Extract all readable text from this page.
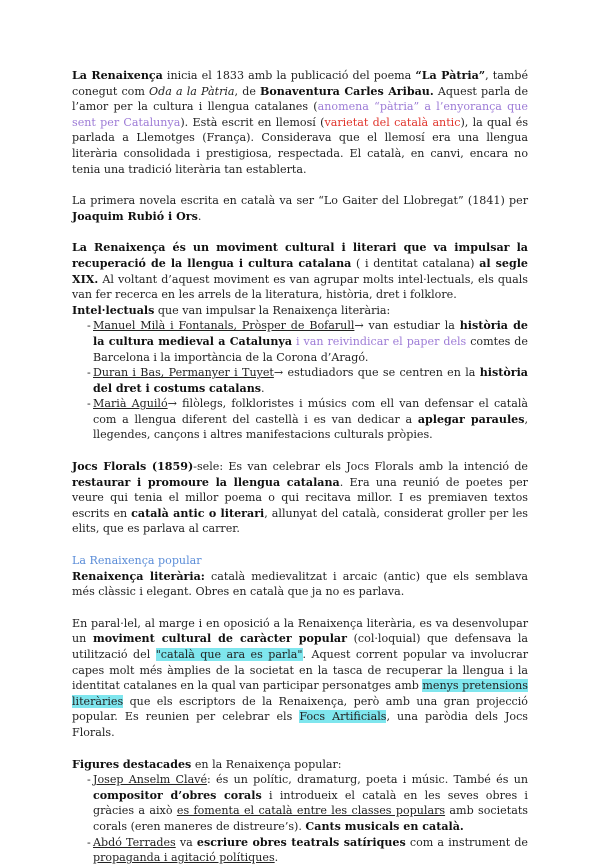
La Renaixença inicia el 1833 amb la publicació del poema “La Pàtria”, també conegut com Oda a la Pàtria, de Bonaventura Carles Aribau. Aquest parla de l’amor per la cultura i llengua catalanes (anomena “pàtria” a l’enyorança que sent per Catalunya). Està escrit en llemosí (varietat del català antic), la qual és parlada a Llemotges (França). Considerava que el llemosí era una llengua literària consolidada i prestigiosa, respectada. El català, en canvi, encara no tenia una tradició literària tan establerta.

La primera novela escrita en català va ser “Lo Gaiter del Llobregat” (1841) per Joaquim Rubió i Ors.

La Renaixença és un moviment cultural i literari que va impulsar la recuperació de la llengua i cultura catalana ( i dentitat catalana) al segle XIX. Al voltant d’aquest moviment es van agrupar molts intel·lectuals, els quals van fer recerca en les arrels de la literatura, història, dret i folklore.

Intel·lectuals que van impulsar la Renaixença literària:

- Manuel Milà i Fontanals, Pròsper de Bofarull→ van estudiar la història de la cultura medieval a Catalunya i van reivindicar el paper dels comtes de Barcelona i la importància de la Corona d’Aragó.
- Duran i Bas, Permanyer i Tuyet→ estudiadors que se centren en la història del dret i costums catalans.
- Marià Aguiló→ filòlegs, folkloristes i músics com ell van defensar el català com a llengua diferent del castellà i es van dedicar a aplegar paraules, llegendes, cançons i altres manifestacions culturals pròpies.

Jocs Florals (1859)-sele: Es van celebrar els Jocs Florals amb la intenció de restaurar i promoure la llengua catalana. Era una reunió de poetes per veure qui tenia el millor poema o qui recitava millor. I es premiaven textos escrits en català antic o literari, allunyat del català, considerat groller per les elits, que es parlava al carrer.

La Renaixença popular

Renaixença literària: català medievalitzat i arcaic (antic) que els semblava més clàssic i elegant. Obres en català que ja no es parlava.

En paral·lel, al marge i en oposició a la Renaixença literària, es va desenvolupar un moviment cultural de caràcter popular (col·loquial) que defensava la utilització del "català que ara es parla". Aquest corrent popular va involucrar capes molt més àmplies de la societat en la tasca de recuperar la llengua i la identitat catalanes en la qual van participar personatges amb menys pretensions literàries que els escriptors de la Renaixença, però amb una gran projecció popular. Es reunien per celebrar els Focs Artificials, una paròdia dels Jocs Florals.

Figures destacades en la Renaixença popular:

- Josep Anselm Clavé: és un polític, dramaturg, poeta i músic. També és un compositor d’obres corals i introdueix el català en les seves obres i gràcies a això es fomenta el català entre les classes populars amb societats corals (eren maneres de distreure’s). Cants musicals en català.
- Abdó Terrades va escriure obres teatrals satíriques com a instrument de propaganda i agitació polítiques.
